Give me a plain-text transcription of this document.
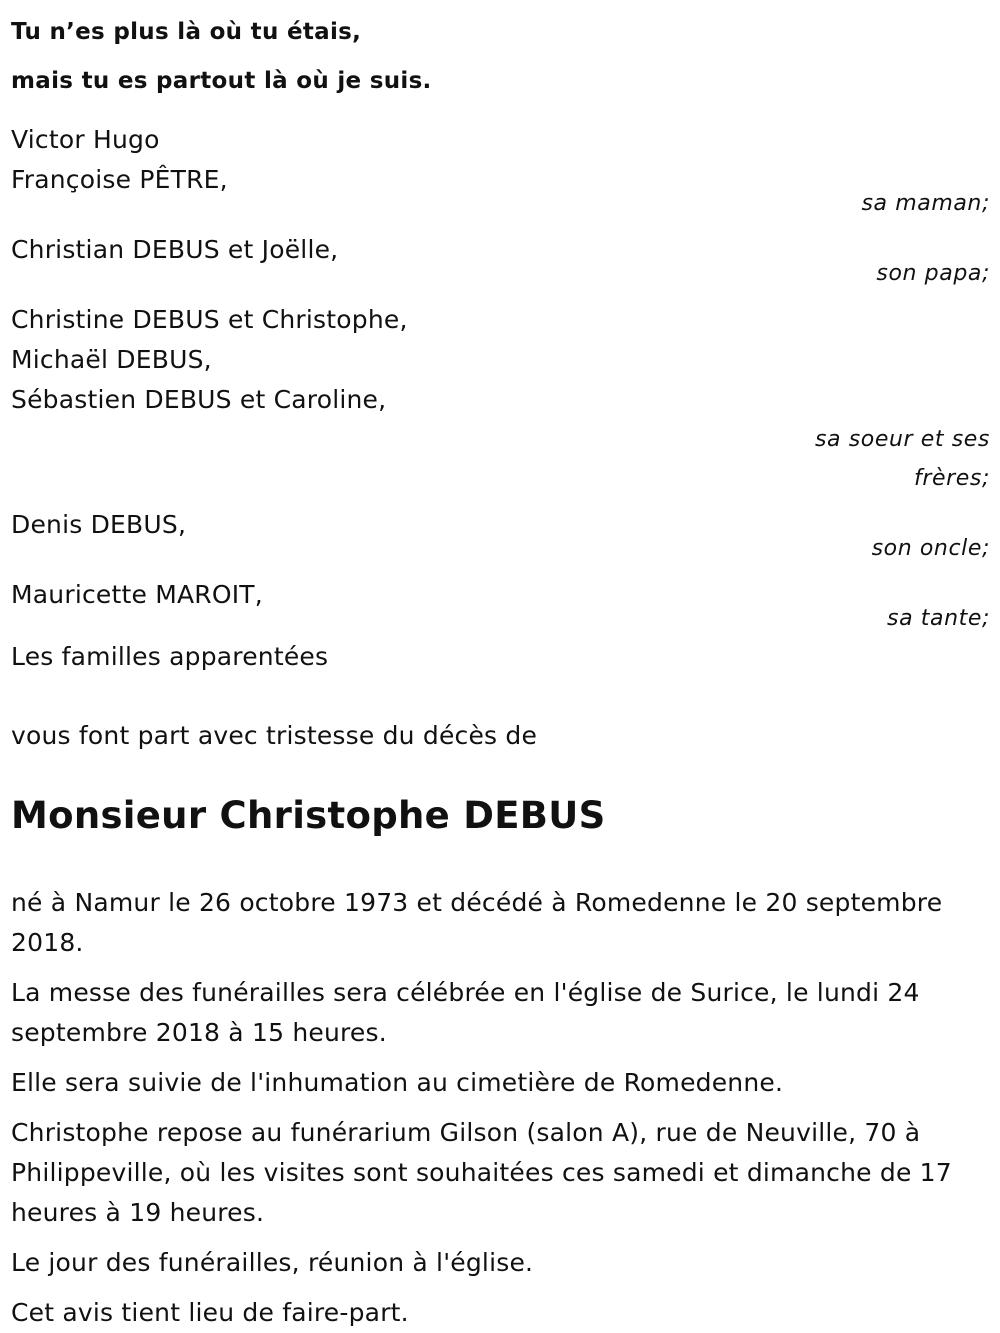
Tu n’es plus là où tu étais,
mais tu es partout là où je suis.
Victor Hugo
Françoise PÊTRE,
sa maman;
Christian DEBUS et Joëlle,
son papa;
Christine DEBUS et Christophe,
Michaël DEBUS,
Sébastien DEBUS et Caroline,
sa soeur et ses frères;
Denis DEBUS,
son oncle;
Mauricette MAROIT,
sa tante;
Les familles apparentées
vous font part avec tristesse du décès de
Monsieur Christophe DEBUS
né à Namur le 26 octobre 1973 et décédé à Romedenne le 20 septembre 2018.
La messe des funérailles sera célébrée en l'église de Surice, le lundi 24 septembre 2018 à 15 heures.
Elle sera suivie de l'inhumation au cimetière de Romedenne.
Christophe repose au funérarium Gilson (salon A), rue de Neuville, 70 à Philippeville, où les visites sont souhaitées ces samedi et dimanche de 17 heures à 19 heures.
Le jour des funérailles, réunion à l'église.
Cet avis tient lieu de faire-part.
